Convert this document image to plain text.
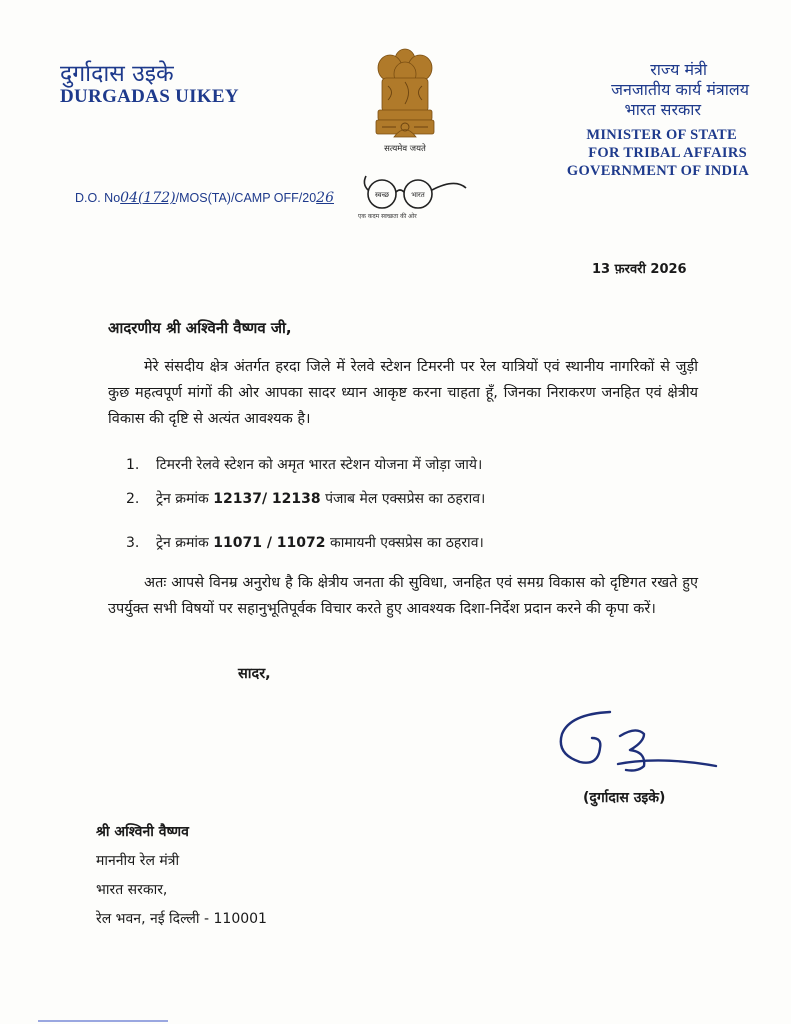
दुर्गादास उइके
DURGADAS UIKEY
सत्यमेव जयते
राज्य मंत्री
जनजातीय कार्य मंत्रालय
भारत सरकार
MINISTER OF STATE
FOR TRIBAL AFFAIRS
GOVERNMENT OF INDIA
D.O. No04(172)/MOS(TA)/CAMP OFF/2026	स्वच्छ	भारत
एक कदम स्वच्छता की ओर
13 फ़रवरी 2026
आदरणीय श्री अश्विनी वैष्णव जी,
मेरे संसदीय क्षेत्र अंतर्गत हरदा जिले में रेलवे स्टेशन टिमरनी पर रेल यात्रियों एवं स्थानीय नागरिकों से जुड़ी कुछ महत्वपूर्ण मांगों की ओर आपका सादर ध्यान आकृष्ट करना चाहता हूँ, जिनका निराकरण जनहित एवं क्षेत्रीय विकास की दृष्टि से अत्यंत आवश्यक है।
1. टिमरनी रेलवे स्टेशन को अमृत भारत स्टेशन योजना में जोड़ा जाये।
2. ट्रेन क्रमांक 12137/ 12138 पंजाब मेल एक्सप्रेस का ठहराव।
3. ट्रेन क्रमांक 11071 / 11072 कामायनी एक्सप्रेस का ठहराव।
अतः आपसे विनम्र अनुरोध है कि क्षेत्रीय जनता की सुविधा, जनहित एवं समग्र विकास को दृष्टिगत रखते हुए उपर्युक्त सभी विषयों पर सहानुभूतिपूर्वक विचार करते हुए आवश्यक दिशा-निर्देश प्रदान करने की कृपा करें।
सादर,
(दुर्गादास उइके)
श्री अश्विनी वैष्णव
माननीय रेल मंत्री
भारत सरकार,
रेल भवन, नई दिल्ली - 110001
